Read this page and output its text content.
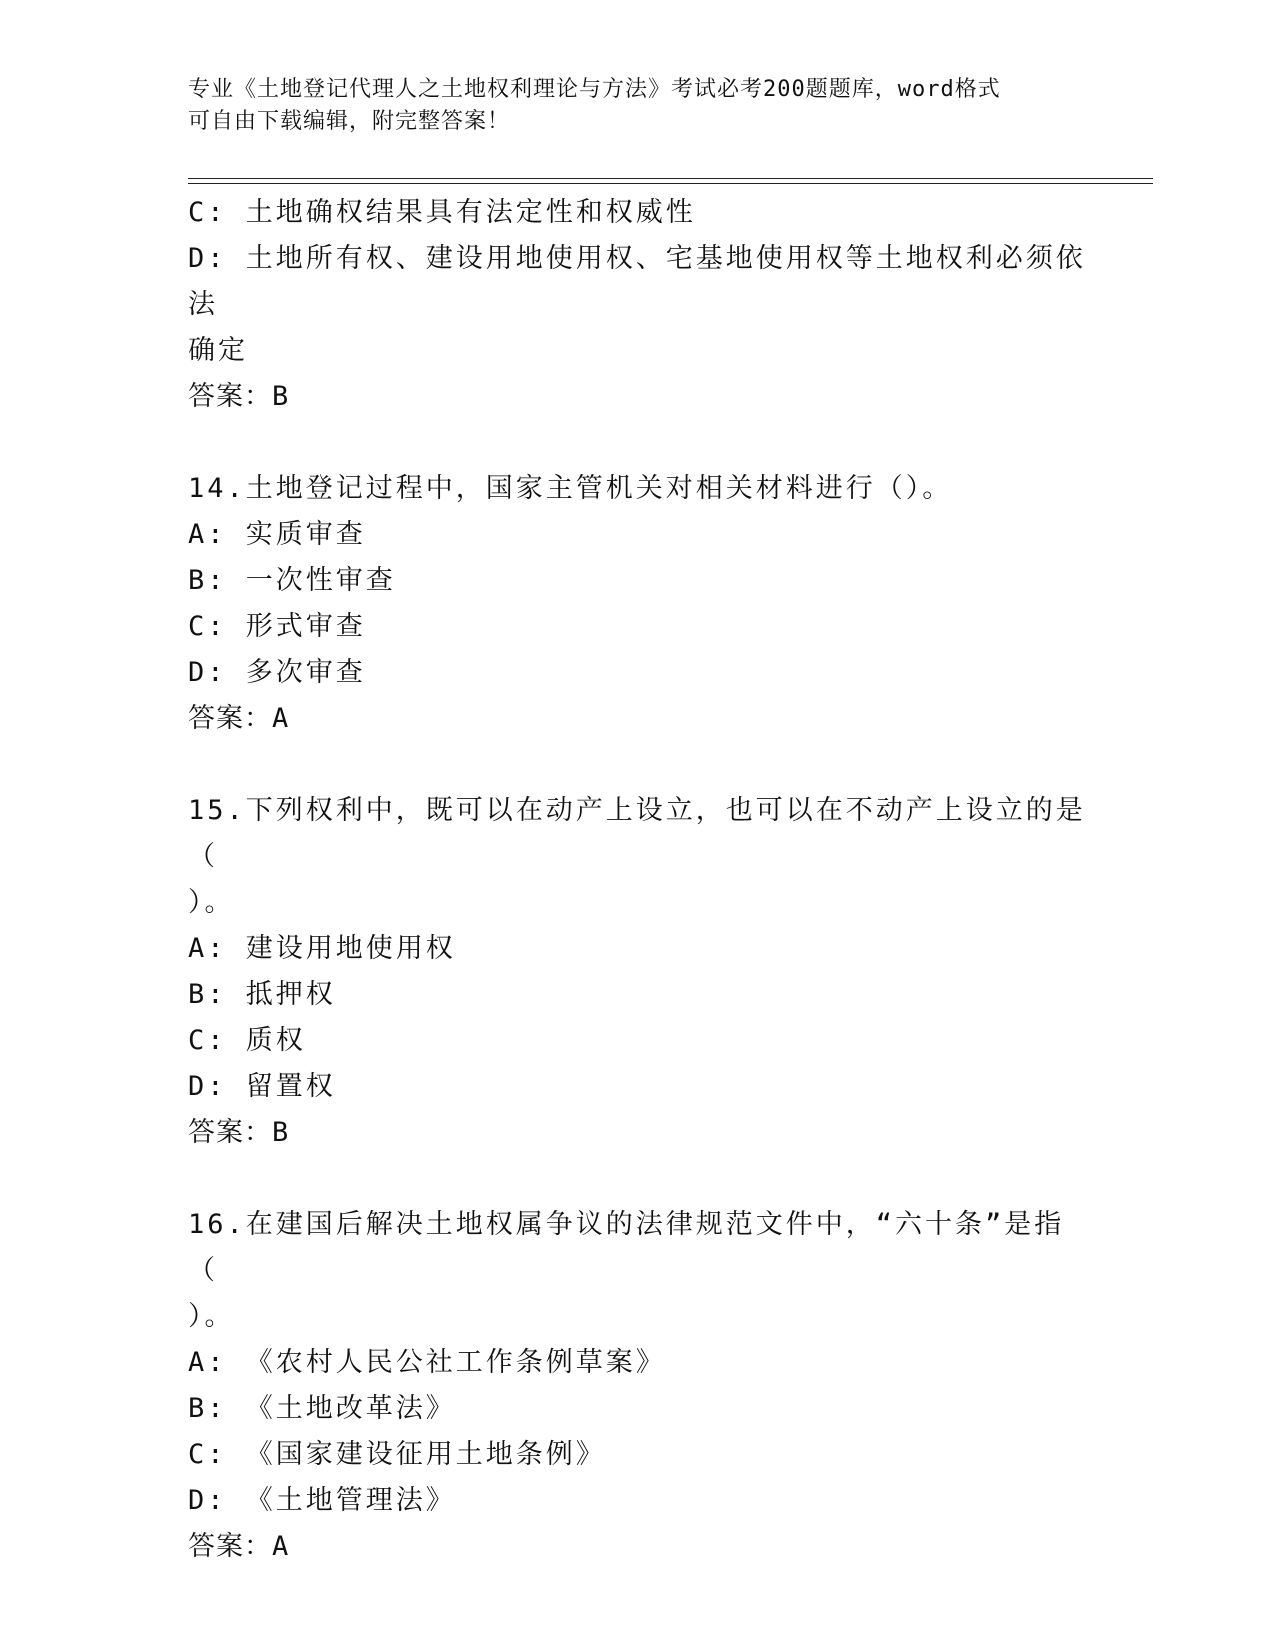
专业《土地登记代理人之土地权利理论与方法》考试必考200题题库，word格式
可自由下载编辑，附完整答案！
C: 土地确权结果具有法定性和权威性
D: 土地所有权、建设用地使用权、宅基地使用权等土地权利必须依法
确定
答案：B
14.土地登记过程中，国家主管机关对相关材料进行（）。
A: 实质审查
B: 一次性审查
C: 形式审查
D: 多次审查
答案：A
15.下列权利中，既可以在动产上设立，也可以在不动产上设立的是（
）。
A: 建设用地使用权
B: 抵押权
C: 质权
D: 留置权
答案：B
16.在建国后解决土地权属争议的法律规范文件中，“六十条”是指（
）。
A: 《农村人民公社工作条例草案》
B: 《土地改革法》
C: 《国家建设征用土地条例》
D: 《土地管理法》
答案：A
